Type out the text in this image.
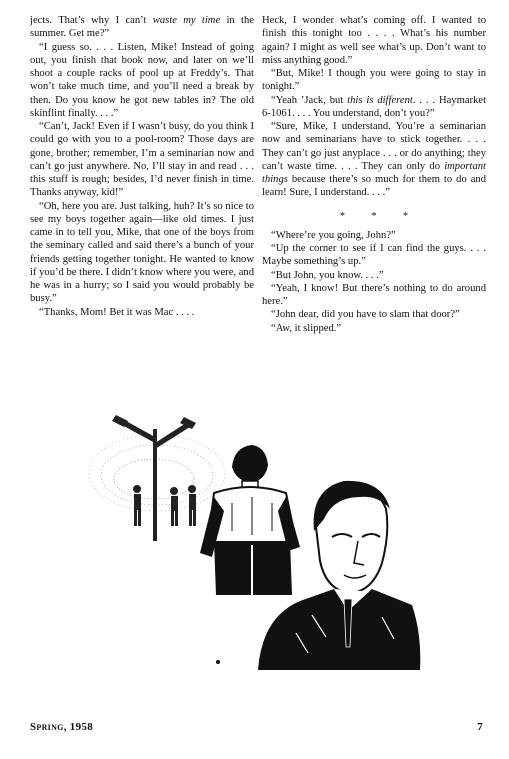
jects. That’s why I can’t waste my time in the summer. Get me?”

“I guess so. . . . Listen, Mike! Instead of going out, you finish that book now, and later on we’ll shoot a couple racks of pool up at Freddy’s. That won’t take much time, and you’ll need a break by then. Do you know he got new tables in? The old skinflint finally. . . .”

“Can’t, Jack! Even if I wasn’t busy, do you think I could go with you to a pool-room? Those days are gone, brother; remember, I’m a seminarian now and can’t go just anywhere. No, I’ll stay in and read . . . this stuff is rough; besides, I’d never finish in time. Thanks anyway, kid!”

“Oh, here you are. Just talking, huh? It’s so nice to see my boys together again—like old times. I just came in to tell you, Mike, that one of the boys from the seminary called and said there’s a bunch of your friends getting together tonight. He wanted to know if you’d be there. I didn’t know where you were, and he was in a hurry; so I said you would probably be busy.”

“Thanks, Mom! Bet it was Mac . . . .

Heck, I wonder what’s coming off. I wanted to finish this tonight too . . . . What’s his number again? I might as well see what’s up. Don’t want to miss anything good.”

“But, Mike! I though you were going to stay in tonight.”

“Yeah ’Jack, but this is different. . . . Haymarket 6-1061. . . . You understand, don’t you?”

“Sure, Mike, I understand. You’re a seminarian now and seminarians have to stick together. . . . They can’t go just anyplace . . . or do anything; they can’t waste time. . . . They can only do important things because there’s so much for them to do and learn! Sure, I understand. . . .”

* * *

“Where’re you going, John?”

“Up the corner to see if I can find the guys. . . . Maybe something’s up.”

“But John, you know. . . .”

“Yeah, I know! But there’s nothing to do around here.”

“John dear, did you have to slam that door?”

“Aw, it slipped.”

Spring, 1958	7
